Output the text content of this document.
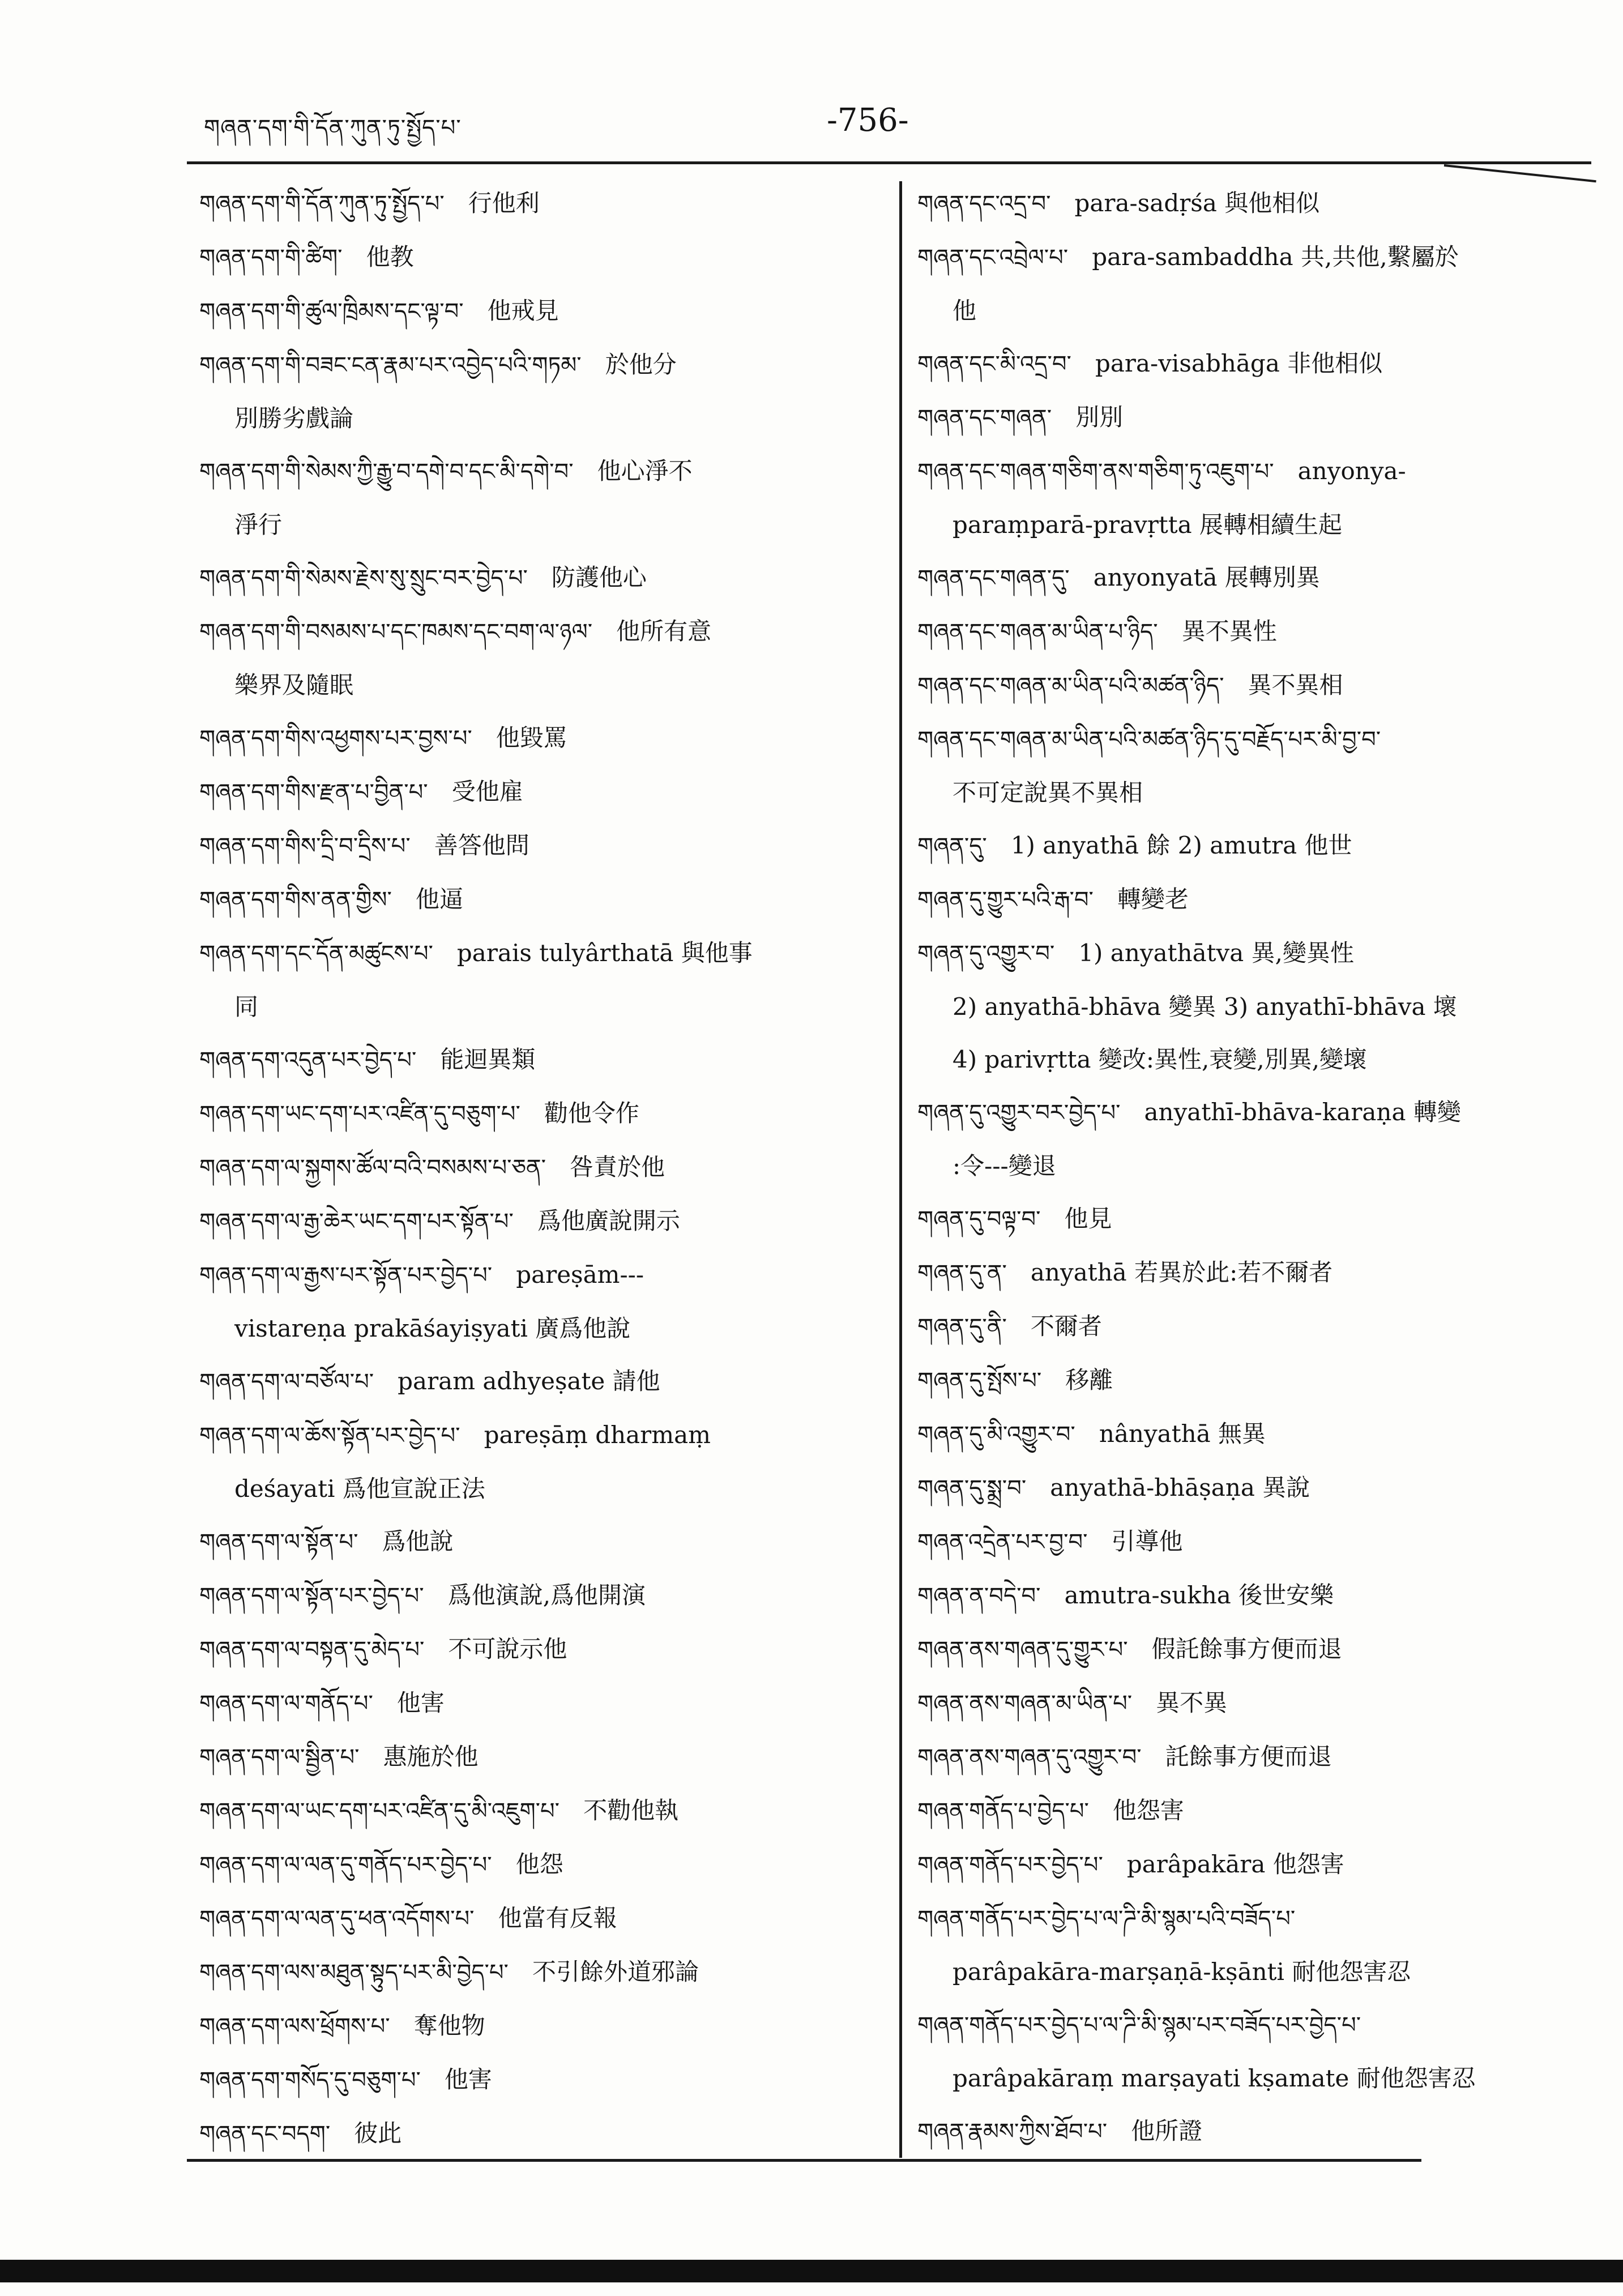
གཞན་དག་གི་དོན་ཀུན་ཏུ་སྤྱོད་པ་	-756-
གཞན་དག་གི་དོན་ཀུན་ཏུ་སྤྱོད་པ་ 行他利
གཞན་དག་གི་ཚིག་ 他教
གཞན་དག་གི་ཚུལ་ཁྲིམས་དང་ལྟ་བ་ 他戒見
གཞན་དག་གི་བཟང་ངན་རྣམ་པར་འབྱེད་པའི་གཏམ་ 於他分
別勝劣戲論
གཞན་དག་གི་སེམས་ཀྱི་རྒྱུ་བ་དགེ་བ་དང་མི་དགེ་བ་ 他心淨不
淨行
གཞན་དག་གི་སེམས་རྗེས་སུ་སྲུང་བར་བྱེད་པ་ 防護他心
གཞན་དག་གི་བསམས་པ་དང་ཁམས་དང་བག་ལ་ཉལ་ 他所有意
樂界及隨眠
གཞན་དག་གིས་འཕྱགས་པར་བྱས་པ་ 他毀罵
གཞན་དག་གིས་རྫན་པ་བྱིན་པ་ 受他雇
གཞན་དག་གིས་དྲི་བ་དྲིས་པ་ 善答他問
གཞན་དག་གིས་ནན་གྱིས་ 他逼
གཞན་དག་དང་དོན་མཚུངས་པ་ parais tulyârthatā 與他事
同
གཞན་དག་འདུན་པར་བྱེད་པ་ 能迴異類
གཞན་དག་ཡང་དག་པར་འཛིན་དུ་བཅུག་པ་ 勸他令作
གཞན་དག་ལ་སྐྱགས་ཚོལ་བའི་བསམས་པ་ཅན་ 咎責於他
གཞན་དག་ལ་རྒྱ་ཆེར་ཡང་དག་པར་སྟོན་པ་ 爲他廣說開示
གཞན་དག་ལ་རྒྱས་པར་སྟོན་པར་བྱེད་པ་ pareṣām---
vistareṇa prakāśayiṣyati 廣爲他說
གཞན་དག་ལ་བཙོལ་པ་ param adhyeṣate 請他
གཞན་དག་ལ་ཆོས་སྟོན་པར་བྱེད་པ་ pareṣāṃ dharmaṃ
deśayati 爲他宣說正法
གཞན་དག་ལ་སྟོན་པ་ 爲他說
གཞན་དག་ལ་སྟོན་པར་བྱེད་པ་ 爲他演說,爲他開演
གཞན་དག་ལ་བསྟན་དུ་མེད་པ་ 不可說示他
གཞན་དག་ལ་གནོད་པ་ 他害
གཞན་དག་ལ་སྦྱིན་པ་ 惠施於他
གཞན་དག་ལ་ཡང་དག་པར་འཛིན་དུ་མི་འཇུག་པ་ 不勸他執
གཞན་དག་ལ་ལན་དུ་གནོད་པར་བྱེད་པ་ 他怨
གཞན་དག་ལ་ལན་དུ་ཕན་འདོགས་པ་ 他當有反報
གཞན་དག་ལས་མཐུན་སྟུད་པར་མི་བྱེད་པ་ 不引餘外道邪論
གཞན་དག་ལས་ཕྲོགས་པ་ 奪他物
གཞན་དག་གསོད་དུ་བཅུག་པ་ 他害
གཞན་དང་བདག་ 彼此
གཞན་དང་འདྲ་བ་ para-sadṛśa 與他相似
གཞན་དང་འབྲེལ་པ་ para-sambaddha 共,共他,繫屬於
他
གཞན་དང་མི་འདྲ་བ་ para-visabhāga 非他相似
གཞན་དང་གཞན་ 別別
གཞན་དང་གཞན་གཅིག་ནས་གཅིག་ཏུ་འཇུག་པ་ anyonya-
paraṃparā-pravṛtta 展轉相續生起
གཞན་དང་གཞན་དུ་ anyonyatā 展轉別異
གཞན་དང་གཞན་མ་ཡིན་པ་ཉིད་ 異不異性
གཞན་དང་གཞན་མ་ཡིན་པའི་མཚན་ཉིད་ 異不異相
གཞན་དང་གཞན་མ་ཡིན་པའི་མཚན་ཉིད་དུ་བརྗོད་པར་མི་བྱ་བ་
不可定說異不異相
གཞན་དུ་ 1) anyathā 餘 2) amutra 他世
གཞན་དུ་གྱུར་པའི་རྒ་བ་ 轉變老
གཞན་དུ་འགྱུར་བ་ 1) anyathātva 異,變異性
2) anyathā-bhāva 變異 3) anyathī-bhāva 壞
4) parivṛtta 變改:異性,衰變,別異,變壞
གཞན་དུ་འགྱུར་བར་བྱེད་པ་ anyathī-bhāva-karaṇa 轉變
:令---變退
གཞན་དུ་བལྟ་བ་ 他見
གཞན་དུ་ན་ anyathā 若異於此:若不爾者
གཞན་དུ་ནི་ 不爾者
གཞན་དུ་སྤོས་པ་ 移離
གཞན་དུ་མི་འགྱུར་བ་ nânyathā 無異
གཞན་དུ་སྨྲ་བ་ anyathā-bhāṣaṇa 異說
གཞན་འདྲེན་པར་བྱ་བ་ 引導他
གཞན་ན་བདེ་བ་ amutra-sukha 後世安樂
གཞན་ནས་གཞན་དུ་གྱུར་པ་ 假託餘事方便而退
གཞན་ནས་གཞན་མ་ཡིན་པ་ 異不異
གཞན་ནས་གཞན་དུ་འགྱུར་བ་ 託餘事方便而退
གཞན་གནོད་པ་བྱེད་པ་ 他怨害
གཞན་གནོད་པར་བྱེད་པ་ parâpakāra 他怨害
གཞན་གནོད་པར་བྱེད་པ་ལ་ཌི་མི་སྙམ་པའི་བཟོད་པ་
parâpakāra-marṣaṇā-kṣānti 耐他怨害忍
གཞན་གནོད་པར་བྱེད་པ་ལ་ཌི་མི་སྙམ་པར་བཟོད་པར་བྱེད་པ་
parâpakāraṃ marṣayati kṣamate 耐他怨害忍
གཞན་རྣམས་ཀྱིས་ཐོབ་པ་ 他所證
